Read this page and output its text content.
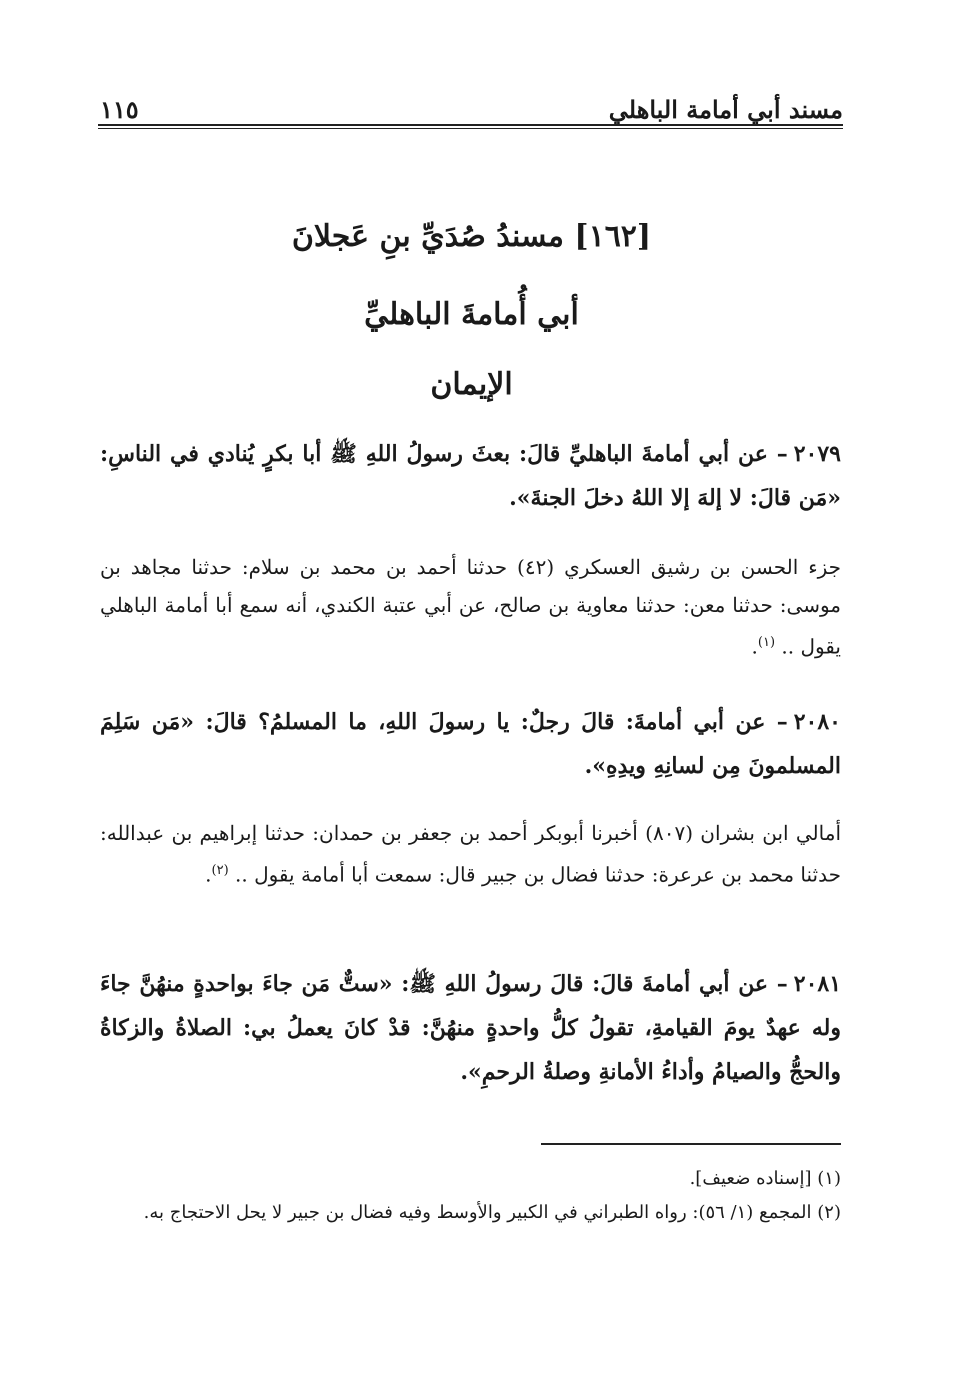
مسند أبي أمامة الباهلي
١١٥
[١٦٢] مسندُ صُدَيِّ بنِ عَجلانَ
أبي أُمامةَ الباهليِّ
الإيمان
٢٠٧٩– عن أبي أمامةَ الباهليِّ قالَ: بعثَ رسولُ اللهِ ﷺ أبا بكرٍ يُنادي في الناسِ: «مَن قالَ: لا إلهَ إلا اللهُ دخلَ الجنةَ».
جزء الحسن بن رشيق العسكري (٤٢) حدثنا أحمد بن محمد بن سلام: حدثنا مجاهد بن موسى: حدثنا معن: حدثنا معاوية بن صالح، عن أبي عتبة الكندي، أنه سمع أبا أمامة الباهلي يقول .. $^{(١)}$.
٢٠٨٠– عن أبي أمامةَ: قالَ رجلٌ: يا رسولَ اللهِ، ما المسلمُ؟ قالَ: «مَن سَلِمَ المسلمونَ مِن لسانِهِ ويدِهِ».
أمالي ابن بشران (٨٠٧) أخبرنا أبوبكر أحمد بن جعفر بن حمدان: حدثنا إبراهيم بن عبدالله: حدثنا محمد بن عرعرة: حدثنا فضال بن جبير قال: سمعت أبا أمامة يقول .. $^{(٢)}$.
٢٠٨١– عن أبي أمامةَ قالَ: قالَ رسولُ اللهِ ﷺ: «ستٌّ مَن جاءَ بواحدةٍ منهُنَّ جاءَ وله عهدٌ يومَ القيامةِ، تقولُ كلُّ واحدةٍ منهُنَّ: قدْ كانَ يعملُ بي: الصلاةُ والزكاةُ والحجُّ والصيامُ وأداءُ الأمانةِ وصلةُ الرحمِ».

(١) [إسناده ضعيف].

(٢) المجمع (١/ ٥٦): رواه الطبراني في الكبير والأوسط وفيه فضال بن جبير لا يحل الاحتجاج به.
